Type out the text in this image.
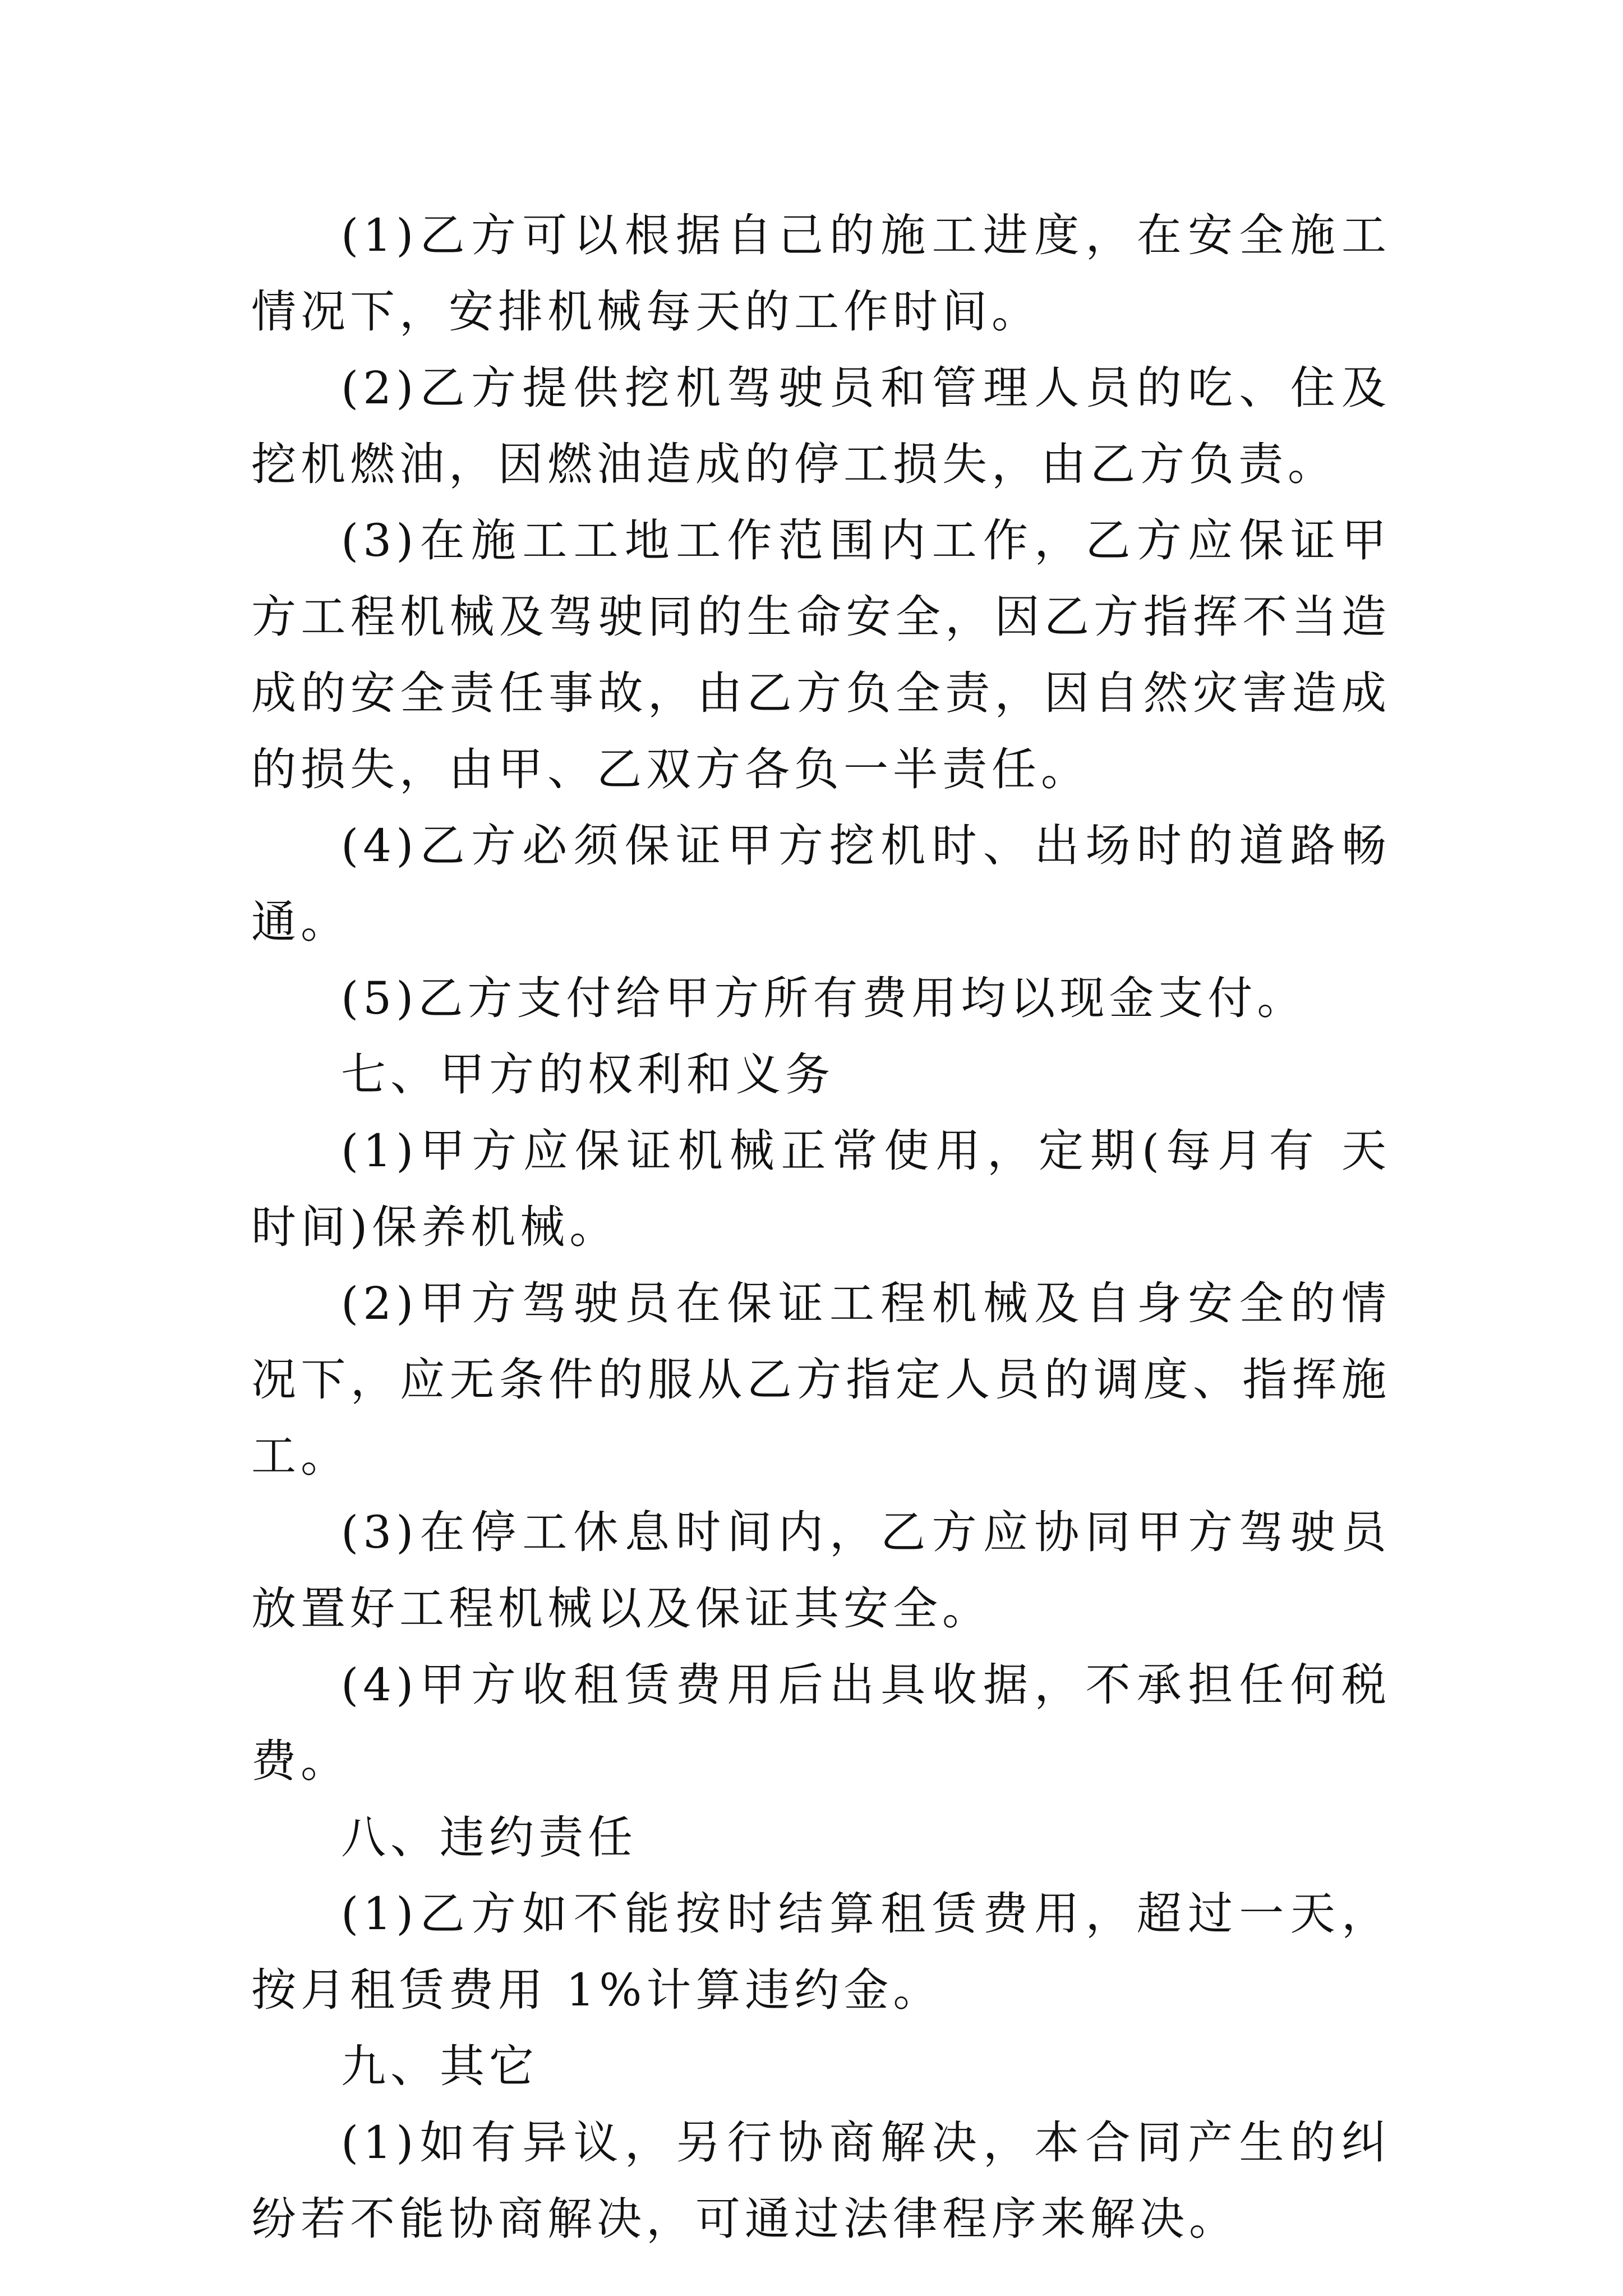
(1)乙方可以根据自己的施工进度，在安全施工情况下，安排机械每天的工作时间。

(2)乙方提供挖机驾驶员和管理人员的吃、住及挖机燃油，因燃油造成的停工损失，由乙方负责。

(3)在施工工地工作范围内工作，乙方应保证甲方工程机械及驾驶同的生命安全，因乙方指挥不当造成的安全责任事故，由乙方负全责，因自然灾害造成的损失，由甲、乙双方各负一半责任。

(4)乙方必须保证甲方挖机时、出场时的道路畅通。

(5)乙方支付给甲方所有费用均以现金支付。

七、甲方的权利和义务

(1)甲方应保证机械正常使用，定期(每月有 天时间)保养机械。

(2)甲方驾驶员在保证工程机械及自身安全的情况下，应无条件的服从乙方指定人员的调度、指挥施工。

(3)在停工休息时间内，乙方应协同甲方驾驶员放置好工程机械以及保证其安全。

(4)甲方收租赁费用后出具收据，不承担任何税费。

八、违约责任

(1)乙方如不能按时结算租赁费用，超过一天，按月租赁费用 1%计算违约金。

九、其它

(1)如有异议，另行协商解决，本合同产生的纠纷若不能协商解决，可通过法律程序来解决。
